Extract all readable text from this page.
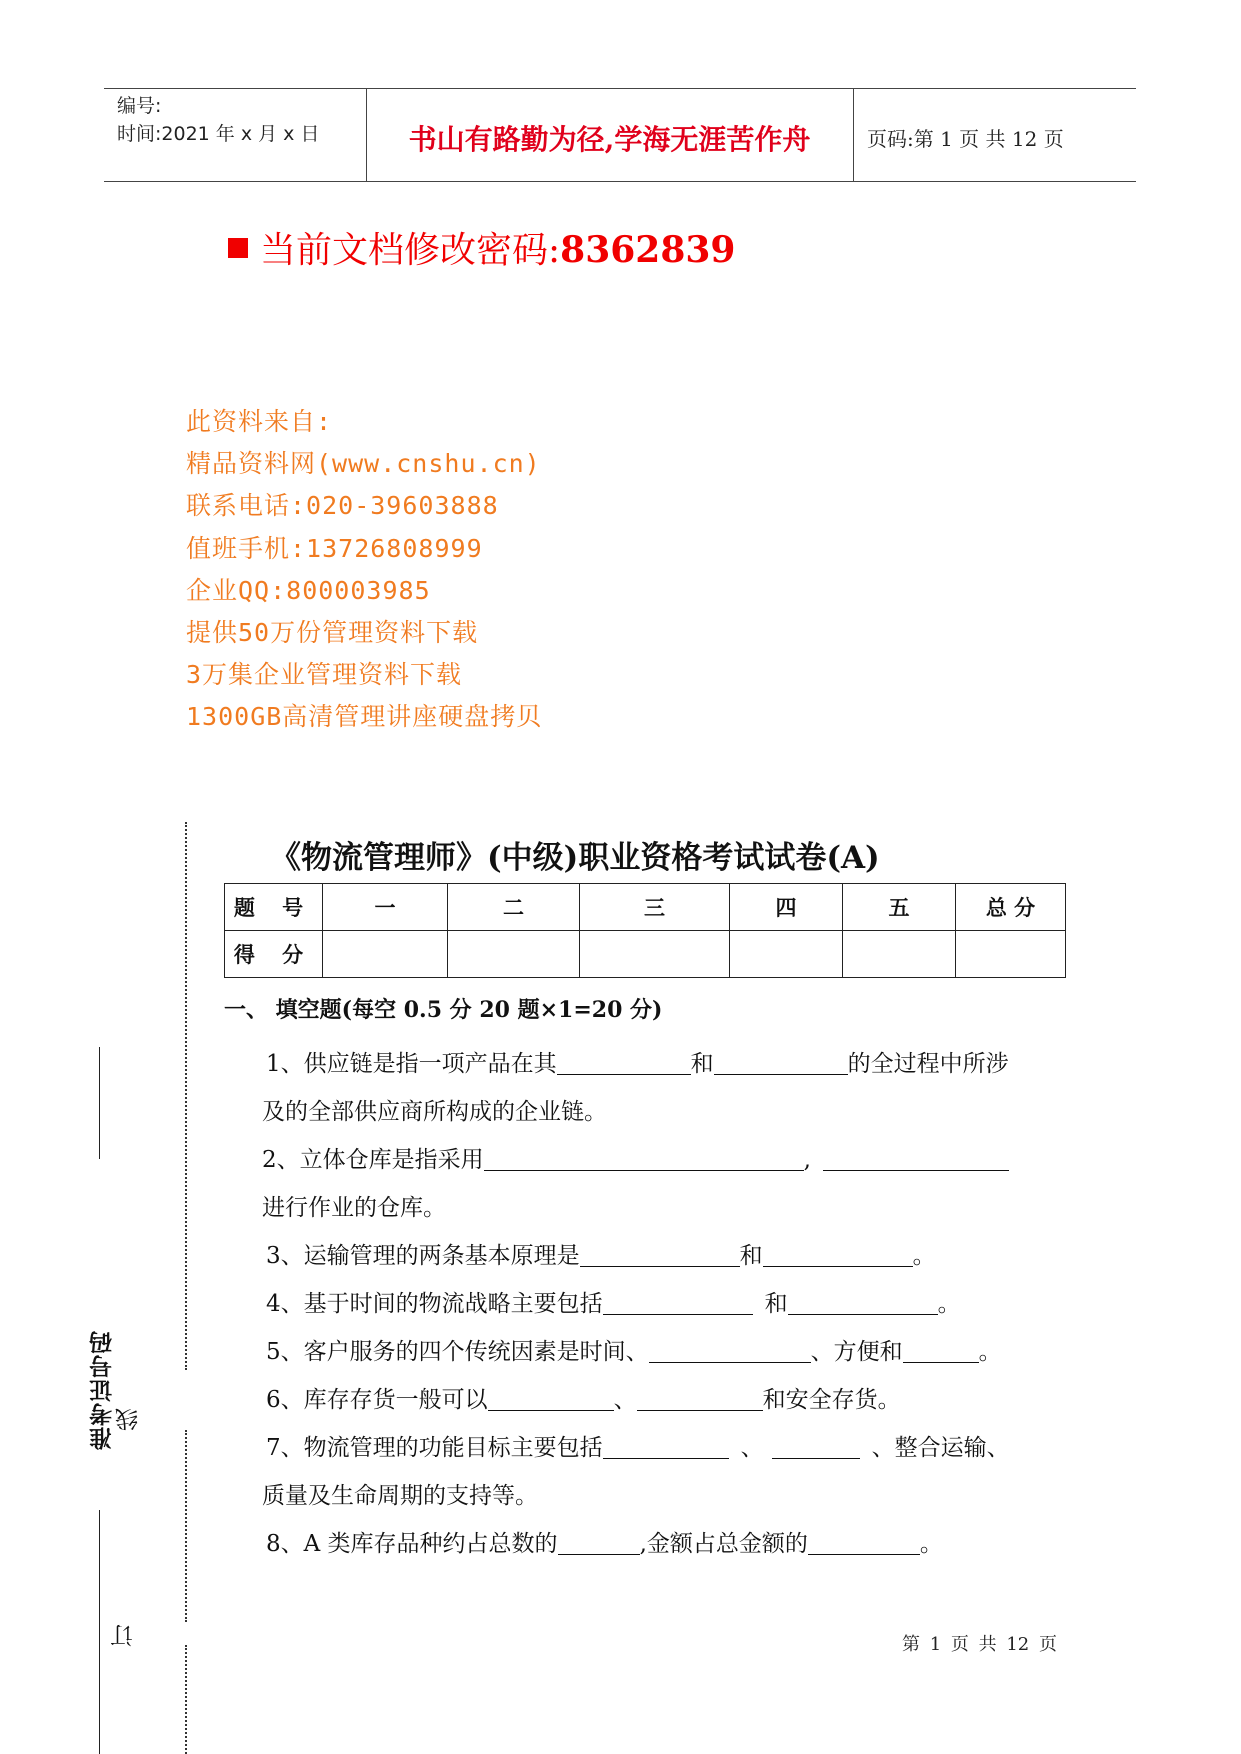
编号:
时间:2021 年 x 月 x 日	书山有路勤为径,学海无涯苦作舟	页码:第 1 页 共 12 页
当前文档修改密码:8362839
此资料来自:
精品资料网(www.cnshu.cn)
联系电话:020-39603888
值班手机:13726808999
企业QQ:800003985
提供50万份管理资料下载
3万集企业管理资料下载
1300GB高清管理讲座硬盘拷贝
准考证号码 线
订
《物流管理师》(中级)职业资格考试试卷(A)
题 号	一	二	三	四	五	总 分
得 分						
一、 填空题(每空 0.5 分 20 题×1=20 分)
1、供应链是指一项产品在其	和	的全过程中所涉
及的全部供应商所构成的企业链。
2、立体仓库是指采用	,
进行作业的仓库。
3、运输管理的两条基本原理是	和	。
4、基于时间的物流战略主要包括	和	。
5、客户服务的四个传统因素是时间、	、方便和	。
6、库存存货一般可以	、	和安全存货。
7、物流管理的功能目标主要包括	、	、整合运输、
质量及生命周期的支持等。
8、A 类库存品种约占总数的	,金额占总金额的	。
第 1 页 共 12 页
